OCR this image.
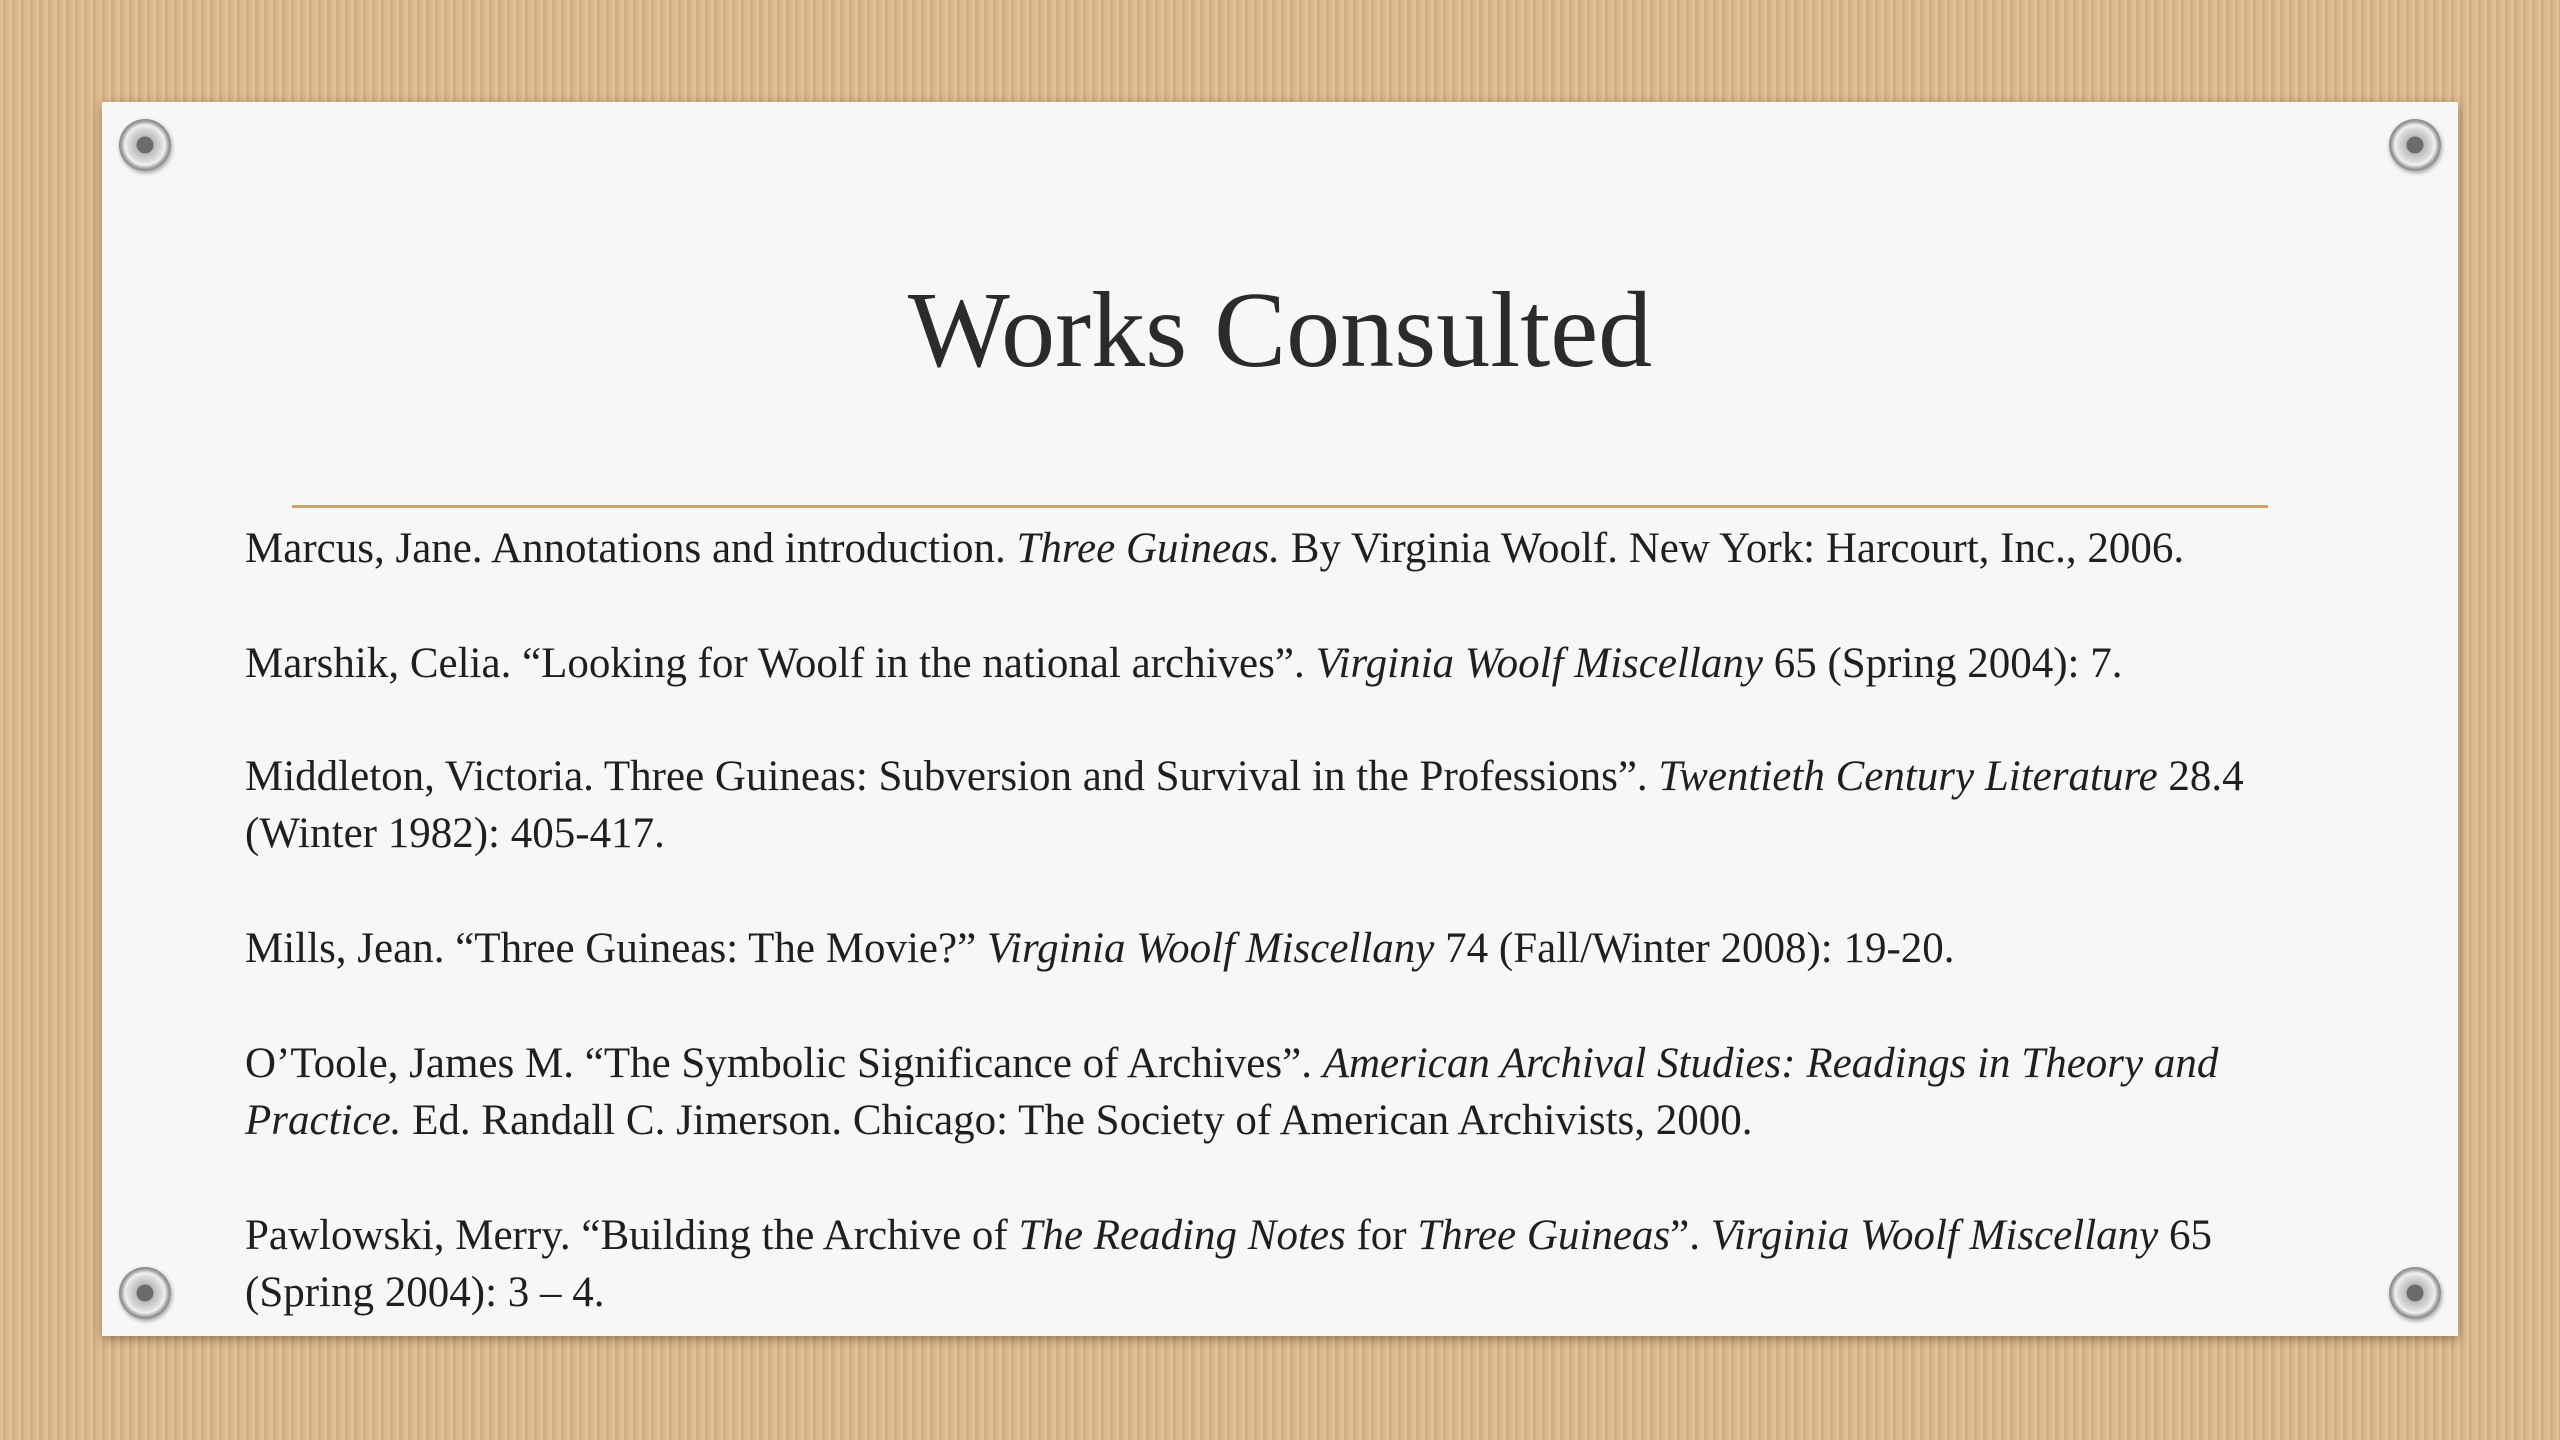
Works Consulted

Marcus, Jane. Annotations and introduction. Three Guineas. By Virginia Woolf. New York: Harcourt, Inc., 2006.

Marshik, Celia. “Looking for Woolf in the national archives”. Virginia Woolf Miscellany 65 (Spring 2004): 7.

Middleton, Victoria. Three Guineas: Subversion and Survival in the Professions”. Twentieth Century Literature 28.4 (Winter 1982): 405-417.

Mills, Jean. “Three Guineas: The Movie?” Virginia Woolf Miscellany 74 (Fall/Winter 2008): 19-20.

O’Toole, James M. “The Symbolic Significance of Archives”. American Archival Studies: Readings in Theory and Practice. Ed. Randall C. Jimerson. Chicago: The Society of American Archivists, 2000.

Pawlowski, Merry. “Building the Archive of The Reading Notes for Three Guineas”. Virginia Woolf Miscellany 65 (Spring 2004): 3 – 4.
